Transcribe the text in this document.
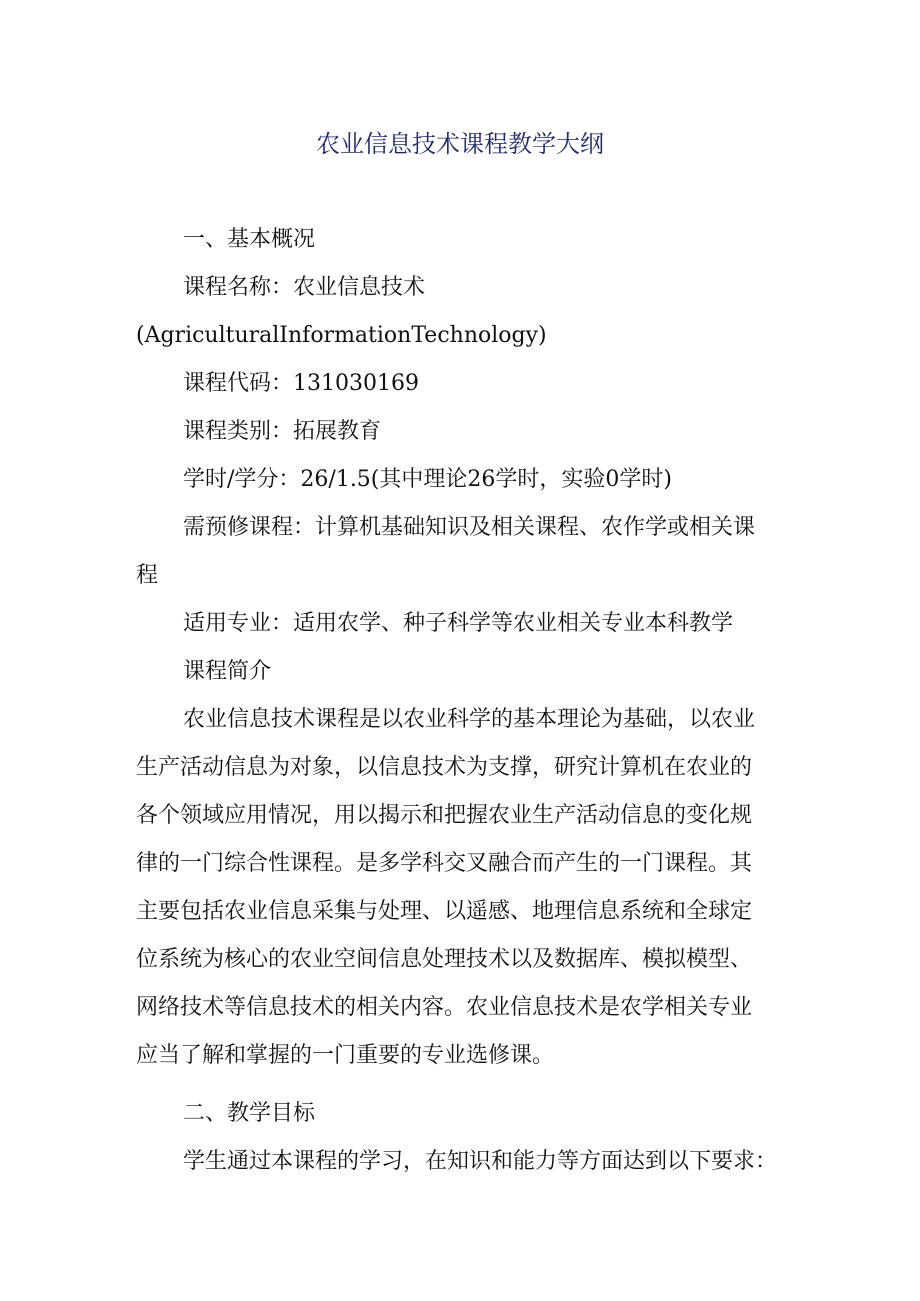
农业信息技术课程教学大纲

一、基本概况

课程名称：农业信息技术

(AgriculturalInformationTechnology)

课程代码：131030169

课程类别：拓展教育

学时/学分：26/1.5(其中理论26学时，实验0学时)

需预修课程：计算机基础知识及相关课程、农作学或相关课

程

适用专业：适用农学、种子科学等农业相关专业本科教学

课程简介

农业信息技术课程是以农业科学的基本理论为基础，以农业

生产活动信息为对象，以信息技术为支撑，研究计算机在农业的

各个领域应用情况，用以揭示和把握农业生产活动信息的变化规

律的一门综合性课程。是多学科交叉融合而产生的一门课程。其

主要包括农业信息采集与处理、以遥感、地理信息系统和全球定

位系统为核心的农业空间信息处理技术以及数据库、模拟模型、

网络技术等信息技术的相关内容。农业信息技术是农学相关专业

应当了解和掌握的一门重要的专业选修课。

二、教学目标

学生通过本课程的学习，在知识和能力等方面达到以下要求：
